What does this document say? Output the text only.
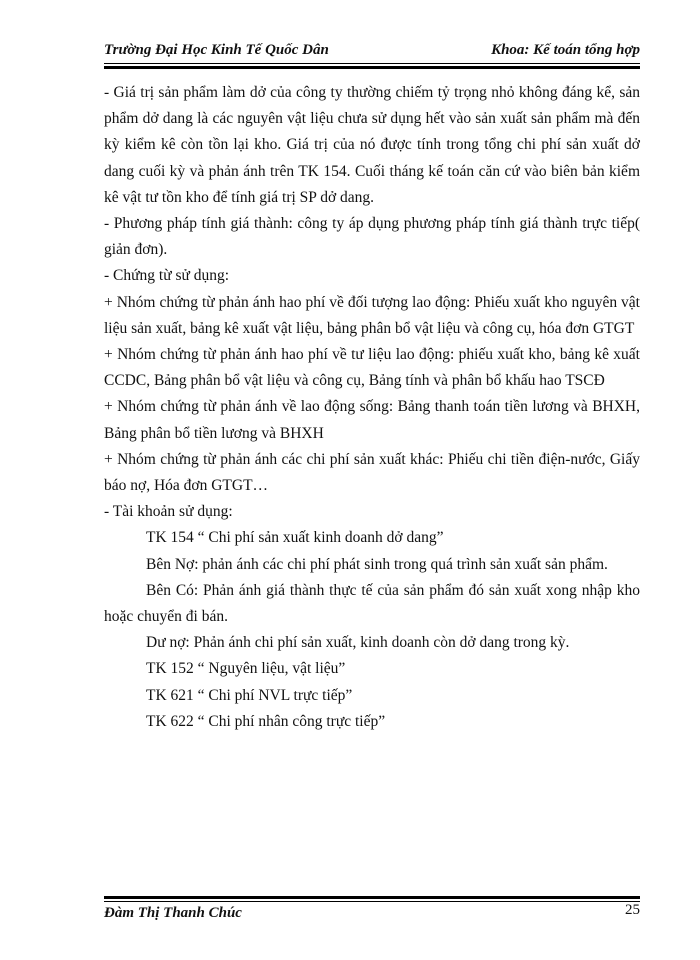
Trường Đại Học Kinh Tế Quốc Dân	Khoa: Kế toán tổng hợp

- Giá trị sản phẩm làm dở của công ty thường chiếm tỷ trọng nhỏ không đáng kể, sản phẩm dở dang là các nguyên vật liệu chưa sử dụng hết vào sản xuất sản phẩm mà đến kỳ kiểm kê còn tồn lại kho. Giá trị của nó được tính trong tổng chi phí sản xuất dở dang cuối kỳ và phản ánh trên TK 154. Cuối tháng kế toán căn cứ vào biên bản kiểm kê vật tư tồn kho để tính giá trị SP dở dang.

- Phương pháp tính giá thành: công ty áp dụng phương pháp tính giá thành trực tiếp( giản đơn).

- Chứng từ sử dụng:

+ Nhóm chứng từ phản ánh hao phí về đối tượng lao động: Phiếu xuất kho nguyên vật liệu sản xuất, bảng kê xuất vật liệu, bảng phân bổ vật liệu và công cụ, hóa đơn GTGT

+ Nhóm chứng từ phản ánh hao phí về tư liệu lao động: phiếu xuất kho, bảng kê xuất CCDC, Bảng phân bổ vật liệu và công cụ, Bảng tính và phân bổ khấu hao TSCĐ

+ Nhóm chứng từ phản ánh về lao động sống: Bảng thanh toán tiền lương và BHXH, Bảng phân bổ tiền lương và BHXH

+ Nhóm chứng từ phản ánh các chi phí sản xuất khác: Phiếu chi tiền điện-nước, Giấy báo nợ, Hóa đơn GTGT…

- Tài khoản sử dụng:

TK 154 “ Chi phí sản xuất kinh doanh dở dang”

Bên Nợ: phản ánh các chi phí phát sinh trong quá trình sản xuất sản phẩm.

Bên Có: Phản ánh giá thành thực tế của sản phẩm đó sản xuất xong nhập kho hoặc chuyển đi bán.

Dư nợ: Phản ánh chi phí sản xuất, kinh doanh còn dở dang trong kỳ.

TK 152 “ Nguyên liệu, vật liệu”

TK 621 “ Chi phí NVL trực tiếp”

TK 622 “ Chi phí nhân công trực tiếp”

Đàm Thị Thanh Chúc	25
